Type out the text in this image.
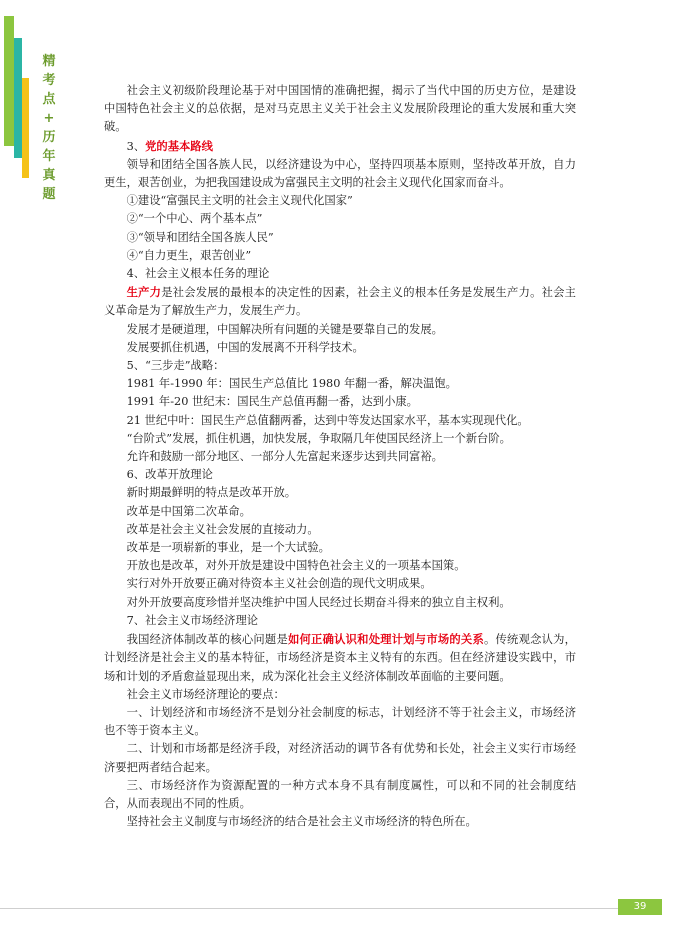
精
考
点
+
历
年
真
题

社会主义初级阶段理论基于对中国国情的准确把握，揭示了当代中国的历史方位，是建设中国特色社会主义的总依据，是对马克思主义关于社会主义发展阶段理论的重大发展和重大突破。

3、党的基本路线

领导和团结全国各族人民，以经济建设为中心，坚持四项基本原则，坚持改革开放，自力更生，艰苦创业，为把我国建设成为富强民主文明的社会主义现代化国家而奋斗。

①建设“富强民主文明的社会主义现代化国家”

②“一个中心、两个基本点”

③“领导和团结全国各族人民”

④“自力更生，艰苦创业”

4、社会主义根本任务的理论

生产力是社会发展的最根本的决定性的因素，社会主义的根本任务是发展生产力。社会主义革命是为了解放生产力，发展生产力。

发展才是硬道理，中国解决所有问题的关键是要靠自己的发展。

发展要抓住机遇，中国的发展离不开科学技术。

5、“三步走”战略：

1981 年-1990 年：国民生产总值比 1980 年翻一番，解决温饱。

1991 年-20 世纪末：国民生产总值再翻一番，达到小康。

21 世纪中叶：国民生产总值翻两番，达到中等发达国家水平，基本实现现代化。

“台阶式”发展，抓住机遇，加快发展，争取隔几年使国民经济上一个新台阶。

允许和鼓励一部分地区、一部分人先富起来逐步达到共同富裕。

6、改革开放理论

新时期最鲜明的特点是改革开放。

改革是中国第二次革命。

改革是社会主义社会发展的直接动力。

改革是一项崭新的事业，是一个大试验。

开放也是改革，对外开放是建设中国特色社会主义的一项基本国策。

实行对外开放要正确对待资本主义社会创造的现代文明成果。

对外开放要高度珍惜并坚决维护中国人民经过长期奋斗得来的独立自主权利。

7、社会主义市场经济理论

我国经济体制改革的核心问题是如何正确认识和处理计划与市场的关系。传统观念认为，计划经济是社会主义的基本特征，市场经济是资本主义特有的东西。但在经济建设实践中，市场和计划的矛盾愈益显现出来，成为深化社会主义经济体制改革面临的主要问题。

社会主义市场经济理论的要点：

一、计划经济和市场经济不是划分社会制度的标志，计划经济不等于社会主义，市场经济也不等于资本主义。

二、计划和市场都是经济手段，对经济活动的调节各有优势和长处，社会主义实行市场经济要把两者结合起来。

三、市场经济作为资源配置的一种方式本身不具有制度属性，可以和不同的社会制度结合，从而表现出不同的性质。

坚持社会主义制度与市场经济的结合是社会主义市场经济的特色所在。

39
